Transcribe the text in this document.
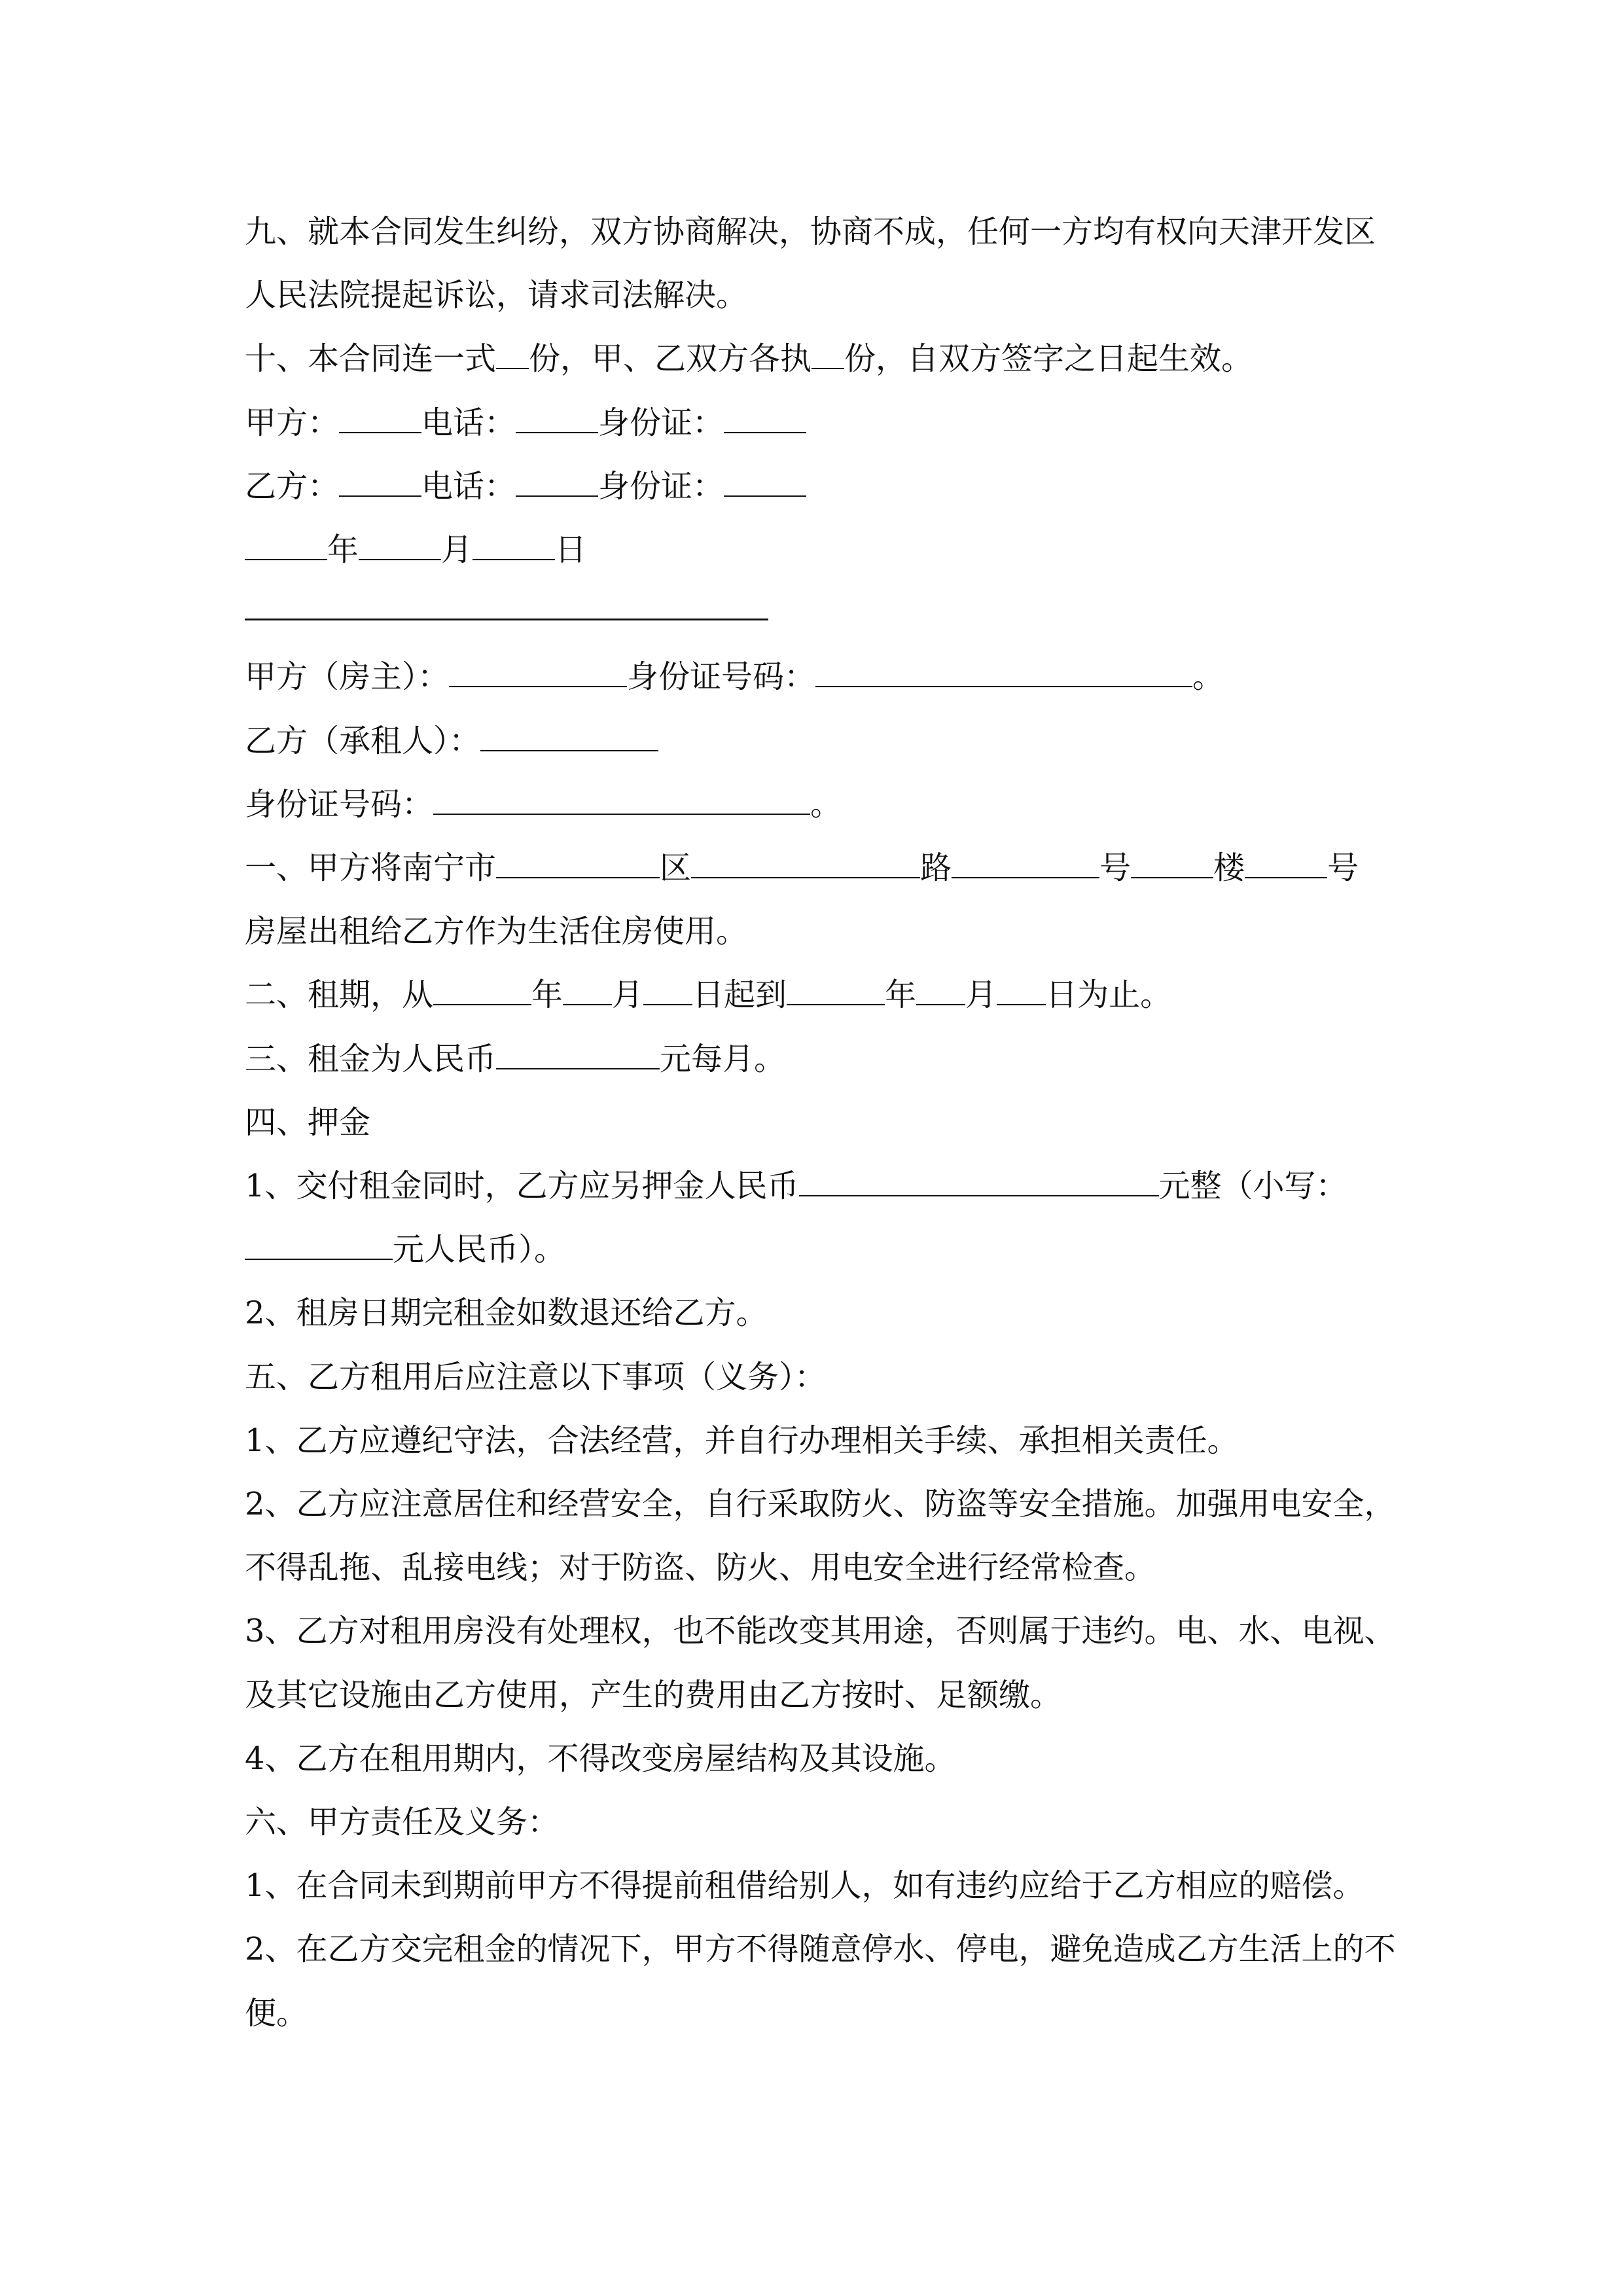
九、就本合同发生纠纷，双方协商解决，协商不成，任何一方均有权向天津开发区人民法院提起诉讼，请求司法解决。
十、本合同连一式 份，甲、乙双方各执 份，自双方签字之日起生效。
甲方：	电话：	身份证：
乙方：	电话：	身份证：
年	月	日
甲方（房主）：	身份证号码：	。
乙方（承租人）：
身份证号码：	。
一、甲方将南宁市	区	路	号	楼	号
房屋出租给乙方作为生活住房使用。
二、租期，从	年 月 日起到	年 月 日为止。
三、租金为人民币	元每月。
四、押金
1、交付租金同时，乙方应另押金人民币	元整（小写：
元人民币）。
2、租房日期完租金如数退还给乙方。
五、乙方租用后应注意以下事项（义务）：
1、乙方应遵纪守法，合法经营，并自行办理相关手续、承担相关责任。
2、乙方应注意居住和经营安全，自行采取防火、防盗等安全措施。加强用电安全，不得乱拖、乱接电线；对于防盗、防火、用电安全进行经常检查。
3、乙方对租用房没有处理权，也不能改变其用途，否则属于违约。电、水、电视、及其它设施由乙方使用，产生的费用由乙方按时、足额缴。
4、乙方在租用期内，不得改变房屋结构及其设施。
六、甲方责任及义务：
1、在合同未到期前甲方不得提前租借给别人，如有违约应给于乙方相应的赔偿。
2、在乙方交完租金的情况下，甲方不得随意停水、停电，避免造成乙方生活上的不便。
